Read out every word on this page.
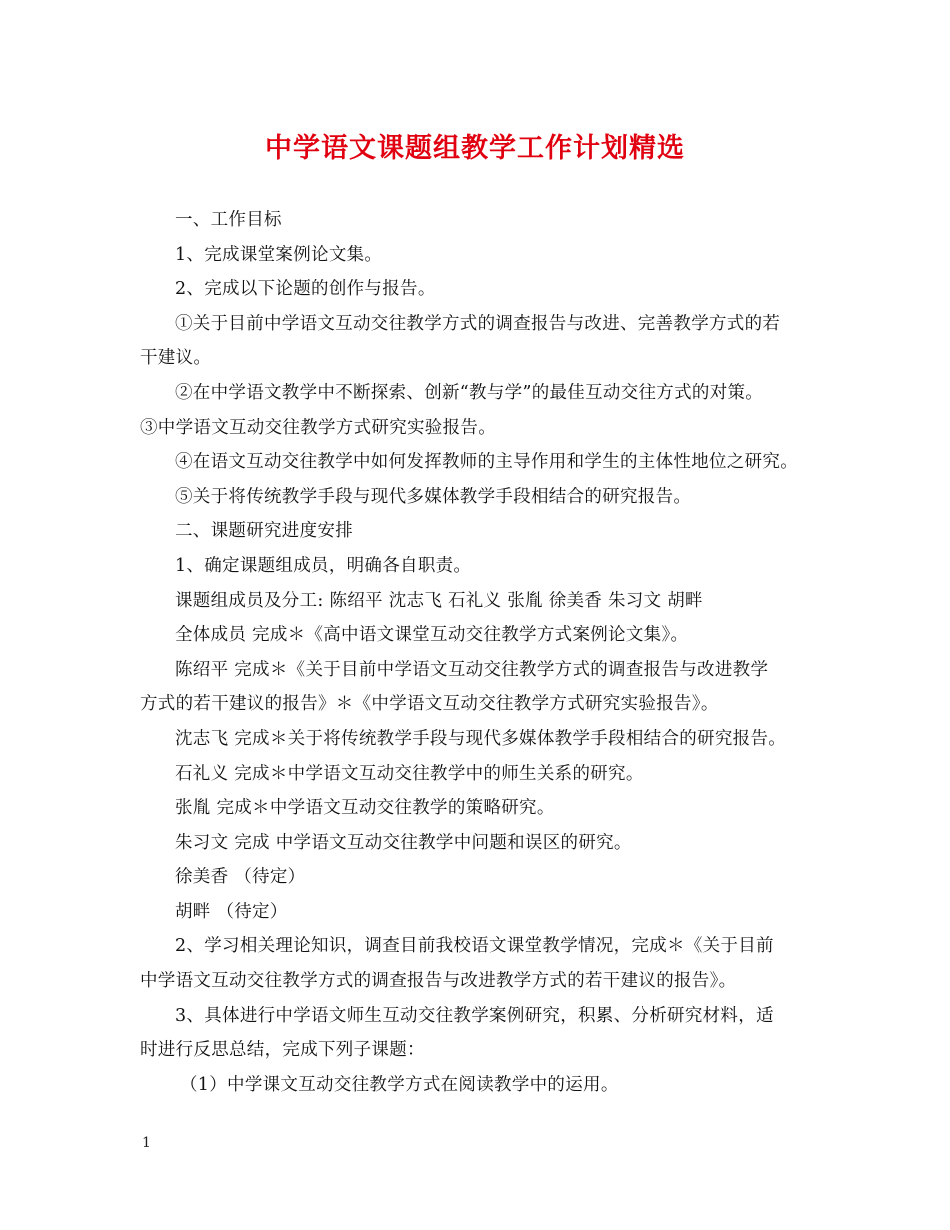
中学语文课题组教学工作计划精选
一、工作目标
1、完成课堂案例论文集。
2、完成以下论题的创作与报告。
①关于目前中学语文互动交往教学方式的调查报告与改进、完善教学方式的若
干建议。
②在中学语文教学中不断探索、创新“教与学”的最佳互动交往方式的对策。
③中学语文互动交往教学方式研究实验报告。
④在语文互动交往教学中如何发挥教师的主导作用和学生的主体性地位之研究。
⑤关于将传统教学手段与现代多媒体教学手段相结合的研究报告。
二、课题研究进度安排
1、确定课题组成员，明确各自职责。
课题组成员及分工: 陈绍平 沈志飞 石礼义 张胤 徐美香 朱习文 胡畔
全体成员 完成＊《高中语文课堂互动交往教学方式案例论文集》。
陈绍平 完成＊《关于目前中学语文互动交往教学方式的调查报告与改进教学
方式的若干建议的报告》＊《中学语文互动交往教学方式研究实验报告》。
沈志飞 完成＊关于将传统教学手段与现代多媒体教学手段相结合的研究报告。
石礼义 完成＊中学语文互动交往教学中的师生关系的研究。
张胤 完成＊中学语文互动交往教学的策略研究。
朱习文 完成 中学语文互动交往教学中问题和误区的研究。
徐美香 （待定）
胡畔 （待定）
2、学习相关理论知识，调查目前我校语文课堂教学情况，完成＊《关于目前
中学语文互动交往教学方式的调查报告与改进教学方式的若干建议的报告》。
3、具体进行中学语文师生互动交往教学案例研究，积累、分析研究材料，适
时进行反思总结，完成下列子课题：
（1）中学课文互动交往教学方式在阅读教学中的运用。
1
